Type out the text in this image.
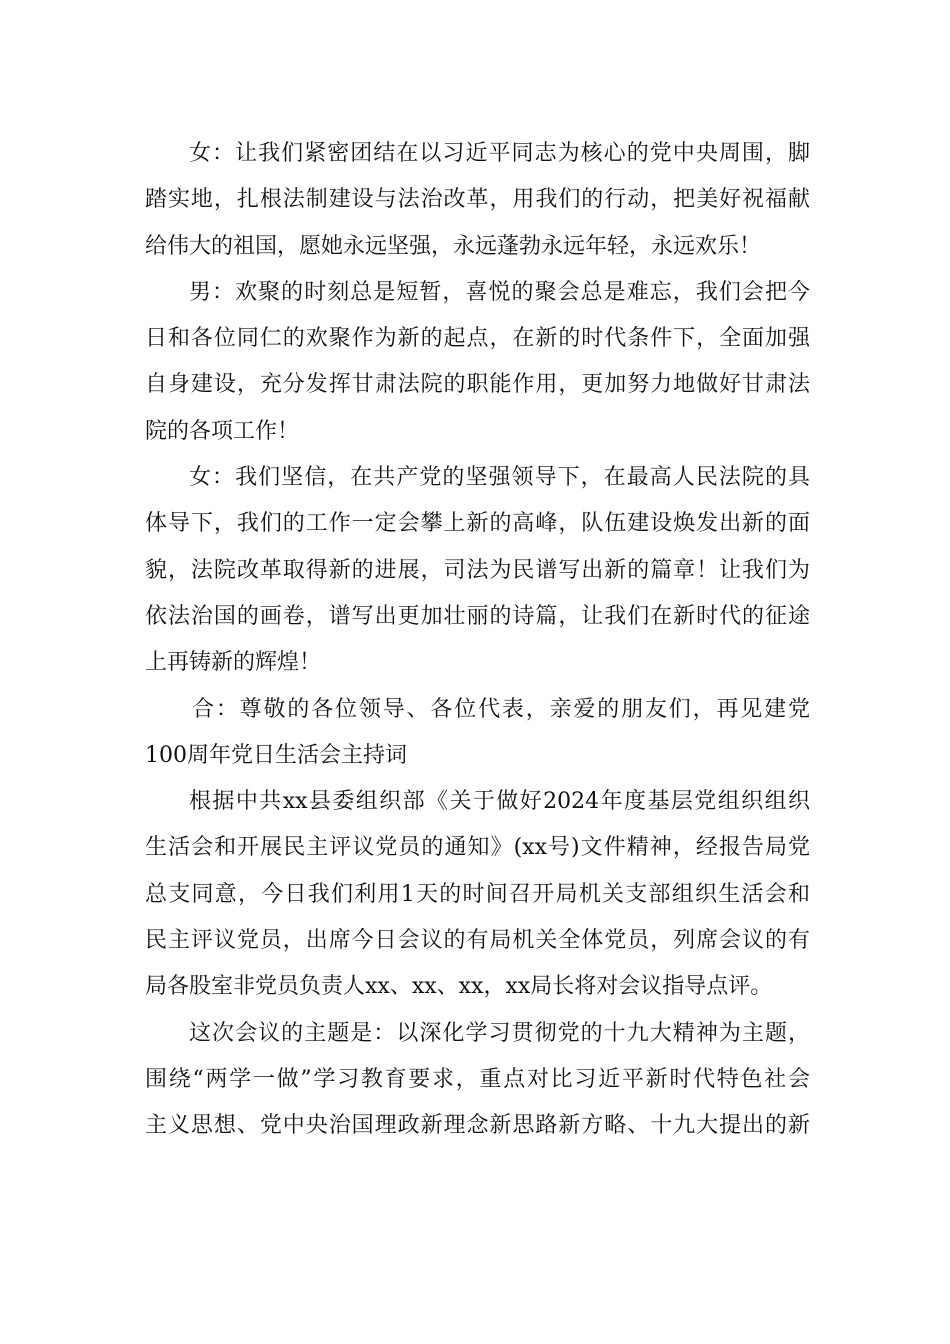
女：让我们紧密团结在以习近平同志为核心的党中央周围，脚
踏实地，扎根法制建设与法治改革，用我们的行动，把美好祝福献
给伟大的祖国，愿她永远坚强，永远蓬勃永远年轻，永远欢乐！
男：欢聚的时刻总是短暂，喜悦的聚会总是难忘，我们会把今
日和各位同仁的欢聚作为新的起点，在新的时代条件下，全面加强
自身建设，充分发挥甘肃法院的职能作用，更加努力地做好甘肃法
院的各项工作！
女：我们坚信，在共产党的坚强领导下，在最高人民法院的具
体导下，我们的工作一定会攀上新的高峰，队伍建设焕发出新的面
貌，法院改革取得新的进展，司法为民谱写出新的篇章！让我们为
依法治国的画卷，谱写出更加壮丽的诗篇，让我们在新时代的征途
上再铸新的辉煌！
合：尊敬的各位领导、各位代表，亲爱的朋友们，再见建党
100周年党日生活会主持词
根据中共xx县委组织部《关于做好2024年度基层党组织组织
生活会和开展民主评议党员的通知》(xx号)文件精神，经报告局党
总支同意，今日我们利用1天的时间召开局机关支部组织生活会和
民主评议党员，出席今日会议的有局机关全体党员，列席会议的有
局各股室非党员负责人xx、xx、xx，xx局长将对会议指导点评。
这次会议的主题是：以深化学习贯彻党的十九大精神为主题，
围绕“两学一做”学习教育要求，重点对比习近平新时代特色社会
主义思想、党中央治国理政新理念新思路新方略、十九大提出的新
